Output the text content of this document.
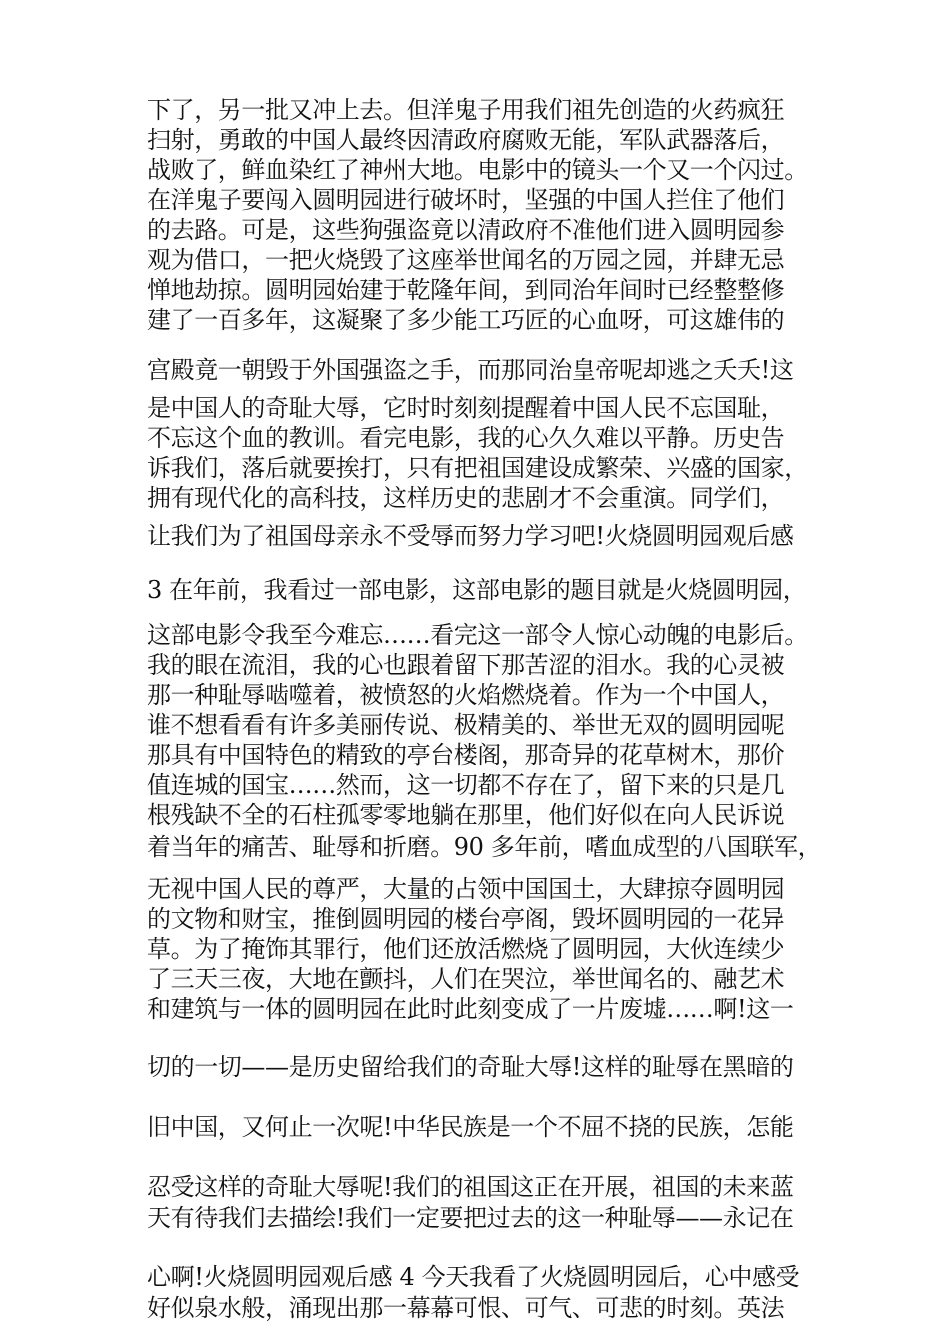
下了，另一批又冲上去。但洋鬼子用我们祖先创造的火药疯狂

扫射，勇敢的中国人最终因清政府腐败无能，军队武器落后，

战败了，鲜血染红了神州大地。电影中的镜头一个又一个闪过。

在洋鬼子要闯入圆明园进行破坏时，坚强的中国人拦住了他们

的去路。可是，这些狗强盗竟以清政府不准他们进入圆明园参

观为借口，一把火烧毁了这座举世闻名的万园之园，并肆无忌

惮地劫掠。圆明园始建于乾隆年间，到同治年间时已经整整修

建了一百多年，这凝聚了多少能工巧匠的心血呀，可这雄伟的

宫殿竟一朝毁于外国强盗之手，而那同治皇帝呢却逃之夭夭!这

是中国人的奇耻大辱，它时时刻刻提醒着中国人民不忘国耻，

不忘这个血的教训。看完电影，我的心久久难以平静。历史告

诉我们，落后就要挨打，只有把祖国建设成繁荣、兴盛的国家，

拥有现代化的高科技，这样历史的悲剧才不会重演。同学们，

让我们为了祖国母亲永不受辱而努力学习吧!火烧圆明园观后感

3 在年前，我看过一部电影，这部电影的题目就是火烧圆明园，

这部电影令我至今难忘……看完这一部令人惊心动魄的电影后。

我的眼在流泪，我的心也跟着留下那苦涩的泪水。我的心灵被

那一种耻辱啮噬着，被愤怒的火焰燃烧着。作为一个中国人，

谁不想看看有许多美丽传说、极精美的、举世无双的圆明园呢

那具有中国特色的精致的亭台楼阁，那奇异的花草树木，那价

值连城的国宝……然而，这一切都不存在了，留下来的只是几

根残缺不全的石柱孤零零地躺在那里，他们好似在向人民诉说

着当年的痛苦、耻辱和折磨。90 多年前，嗜血成型的八国联军，

无视中国人民的尊严，大量的占领中国国土，大肆掠夺圆明园

的文物和财宝，推倒圆明园的楼台亭阁，毁坏圆明园的一花异

草。为了掩饰其罪行，他们还放活燃烧了圆明园，大伙连续少

了三天三夜，大地在颤抖，人们在哭泣，举世闻名的、融艺术

和建筑与一体的圆明园在此时此刻变成了一片废墟……啊!这一

切的一切——是历史留给我们的奇耻大辱!这样的耻辱在黑暗的

旧中国，又何止一次呢!中华民族是一个不屈不挠的民族，怎能

忍受这样的奇耻大辱呢!我们的祖国这正在开展，祖国的未来蓝

天有待我们去描绘!我们一定要把过去的这一种耻辱——永记在

心啊!火烧圆明园观后感 4 今天我看了火烧圆明园后，心中感受

好似泉水般，涌现出那一幕幕可恨、可气、可悲的时刻。英法
